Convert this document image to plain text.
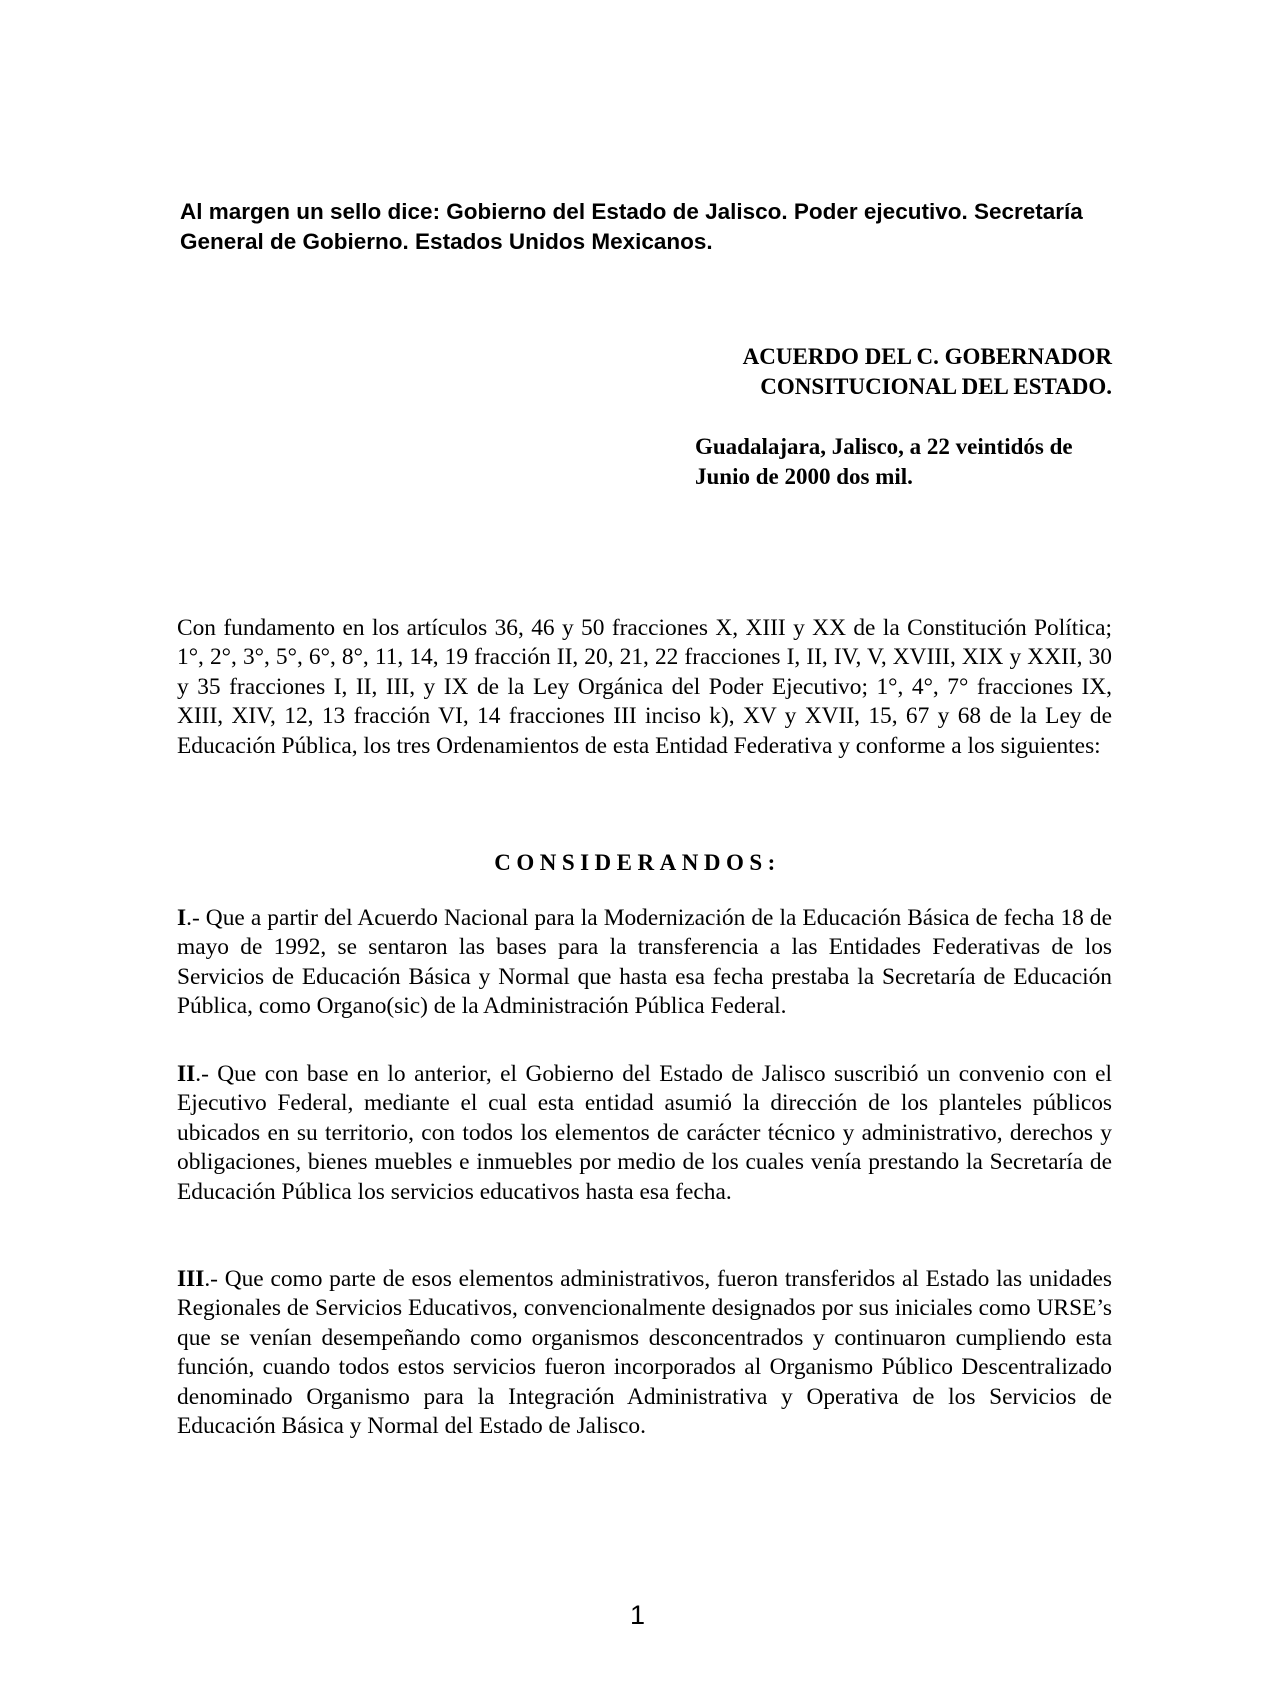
Al margen un sello dice: Gobierno del Estado de Jalisco. Poder ejecutivo. Secretaría General de Gobierno. Estados Unidos Mexicanos.
ACUERDO DEL C. GOBERNADOR
CONSITUCIONAL DEL ESTADO.
Guadalajara, Jalisco, a 22 veintidós de
Junio de 2000 dos mil.

Con fundamento en los artículos 36, 46 y 50 fracciones X, XIII y XX de la Constitución Política; 1°, 2°, 3°, 5°, 6°, 8°, 11, 14, 19 fracción II, 20, 21, 22 fracciones I, II, IV, V, XVIII, XIX y XXII, 30 y 35 fracciones I, II, III, y IX de la Ley Orgánica del Poder Ejecutivo; 1°, 4°, 7° fracciones IX, XIII, XIV, 12, 13 fracción VI, 14 fracciones III inciso k), XV y XVII, 15, 67 y 68 de la Ley de Educación Pública, los tres Ordenamientos de esta Entidad Federativa y conforme a los siguientes:

CONSIDERANDOS:

I.- Que a partir del Acuerdo Nacional para la Modernización de la Educación Básica de fecha 18 de mayo de 1992, se sentaron las bases para la transferencia a las Entidades Federativas de los Servicios de Educación Básica y Normal que hasta esa fecha prestaba la Secretaría de Educación Pública, como Organo(sic) de la Administración Pública Federal.

II.- Que con base en lo anterior, el Gobierno del Estado de Jalisco suscribió un convenio con el Ejecutivo Federal, mediante el cual esta entidad asumió la dirección de los planteles públicos ubicados en su territorio, con todos los elementos de carácter técnico y administrativo, derechos y obligaciones, bienes muebles e inmuebles por medio de los cuales venía prestando la Secretaría de Educación Pública los servicios educativos hasta esa fecha.

III.- Que como parte de esos elementos administrativos, fueron transferidos al Estado las unidades Regionales de Servicios Educativos, convencionalmente designados por sus iniciales como URSE’s que se venían desempeñando como organismos desconcentrados y continuaron cumpliendo esta función, cuando todos estos servicios fueron incorporados al Organismo Público Descentralizado denominado Organismo para la Integración Administrativa y Operativa de los Servicios de Educación Básica y Normal del Estado de Jalisco.

1
